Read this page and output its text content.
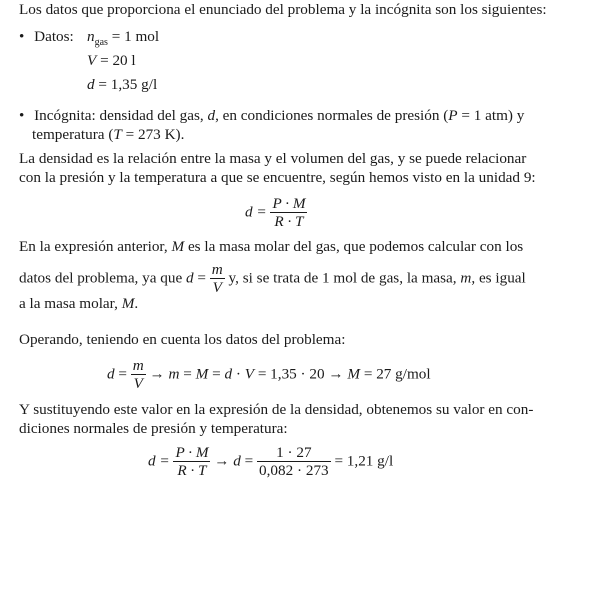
Los datos que proporciona el enunciado del problema y la incógnita son los siguientes:
• Datos: $n_{gas} = 1$ mol
V = 20 l
d = 1,35 g/l
• Incógnita: densidad del gas, d, en condiciones normales de presión (P = 1 atm) y
temperatura (T = 273 K).
La densidad es la relación entre la masa y el volumen del gas, y se puede relacionar
con la presión y la temperatura a que se encuentre, según hemos visto en la unidad 9:
$d = \frac{P \cdot M}{R \cdot T}$
En la expresión anterior, M es la masa molar del gas, que podemos calcular con los
datos del problema, ya que $d = \frac{m}{V} y$, si se trata de 1 mol de gas, la masa, m, es igual
a la masa molar, M.
Operando, teniendo en cuenta los datos del problema:
$d = \frac{m}{V} \to m = M = d \cdot V = 1,35 \cdot 20 \to M = 27$ g/mol
Y sustituyendo este valor en la expresión de la densidad, obtenemos su valor en con-
diciones normales de presión y temperatura:
$d = \frac{P \cdot M}{R \cdot T} \to d = \frac{1 \cdot 27}{0,082 \cdot 273} = 1,21$ g/l
